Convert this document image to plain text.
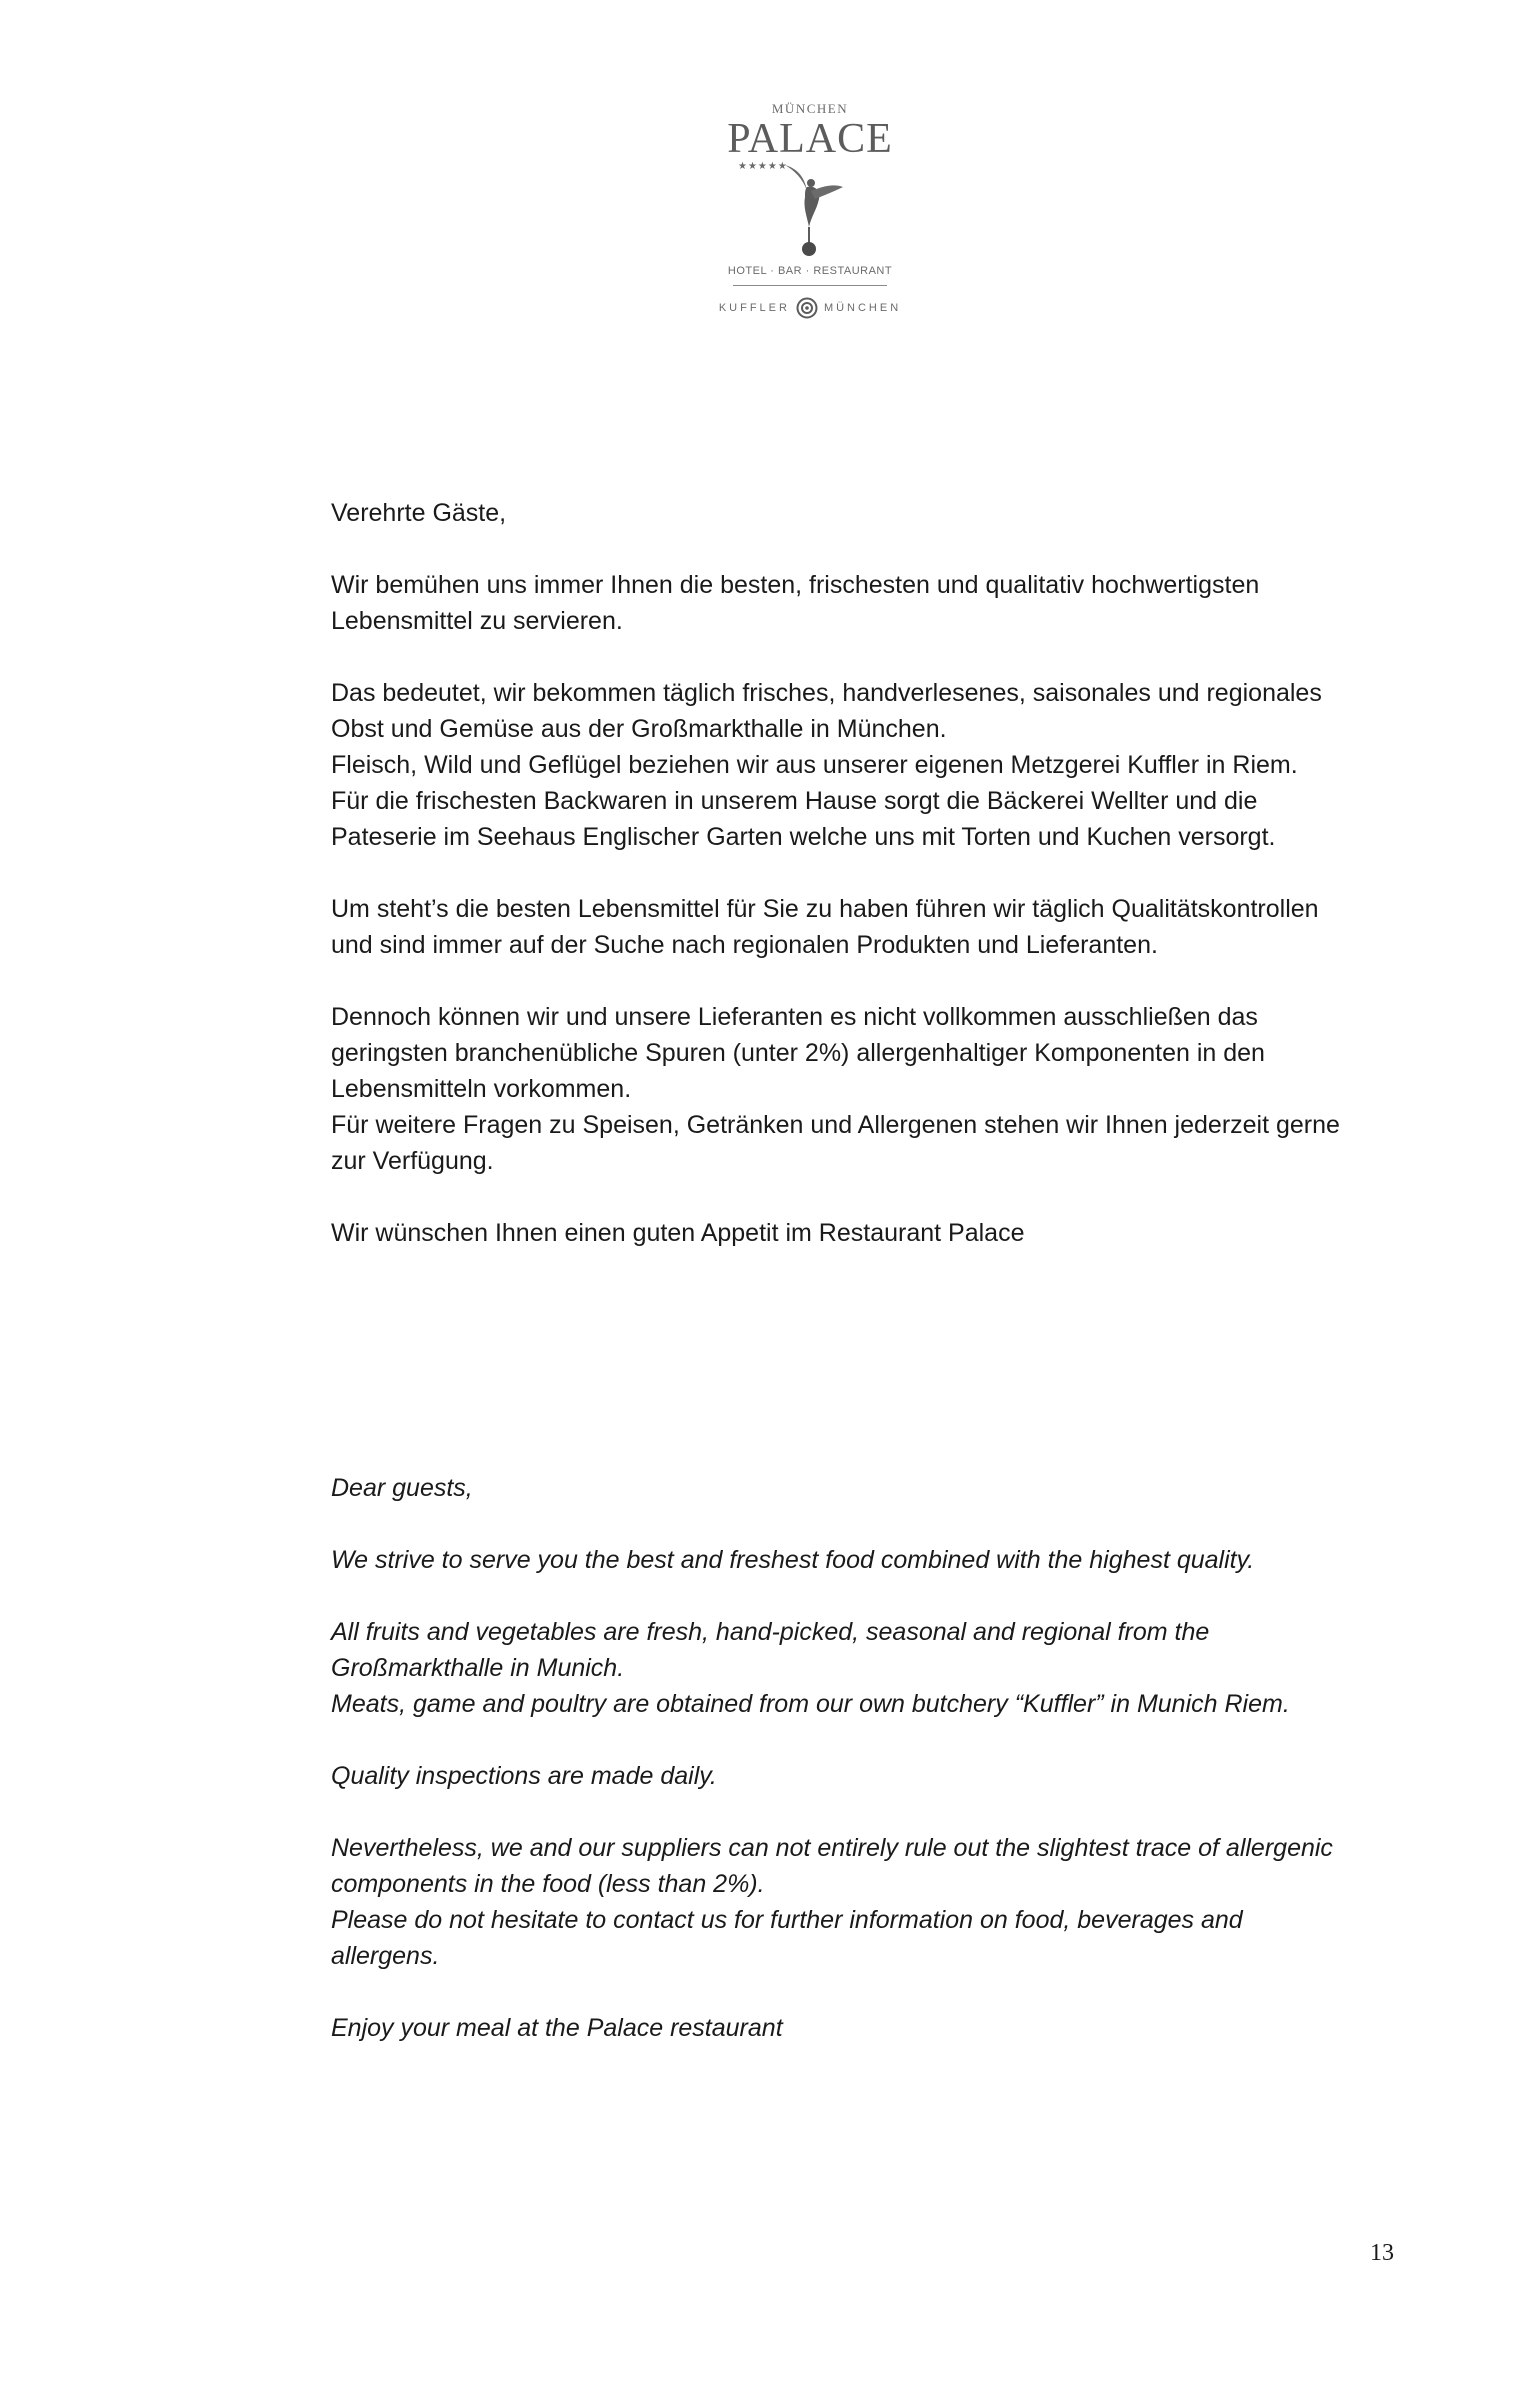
MÜNCHEN
PALACE
★★★★★
HOTEL · BAR · RESTAURANT
KUFFLER	MÜNCHEN

Verehrte Gäste,

Wir bemühen uns immer Ihnen die besten, frischesten und qualitativ hochwertigsten
Lebensmittel zu servieren.

Das bedeutet, wir bekommen täglich frisches, handverlesenes, saisonales und regionales
Obst und Gemüse aus der Großmarkthalle in München.
Fleisch, Wild und Geflügel beziehen wir aus unserer eigenen Metzgerei Kuffler in Riem.
Für die frischesten Backwaren in unserem Hause sorgt die Bäckerei Wellter und die
Pateserie im Seehaus Englischer Garten welche uns mit Torten und Kuchen versorgt.

Um steht’s die besten Lebensmittel für Sie zu haben führen wir täglich Qualitätskontrollen
und sind immer auf der Suche nach regionalen Produkten und Lieferanten.

Dennoch können wir und unsere Lieferanten es nicht vollkommen ausschließen das
geringsten branchenübliche Spuren (unter 2%) allergenhaltiger Komponenten in den
Lebensmitteln vorkommen.
Für weitere Fragen zu Speisen, Getränken und Allergenen stehen wir Ihnen jederzeit gerne
zur Verfügung.

Wir wünschen Ihnen einen guten Appetit im Restaurant Palace

Dear guests,

We strive to serve you the best and freshest food combined with the highest quality.

All fruits and vegetables are fresh, hand-picked, seasonal and regional from the
Großmarkthalle in Munich.
Meats, game and poultry are obtained from our own butchery “Kuffler” in Munich Riem.

Quality inspections are made daily.

Nevertheless, we and our suppliers can not entirely rule out the slightest trace of allergenic
components in the food (less than 2%).
Please do not hesitate to contact us for further information on food, beverages and
allergens.

Enjoy your meal at the Palace restaurant

13
